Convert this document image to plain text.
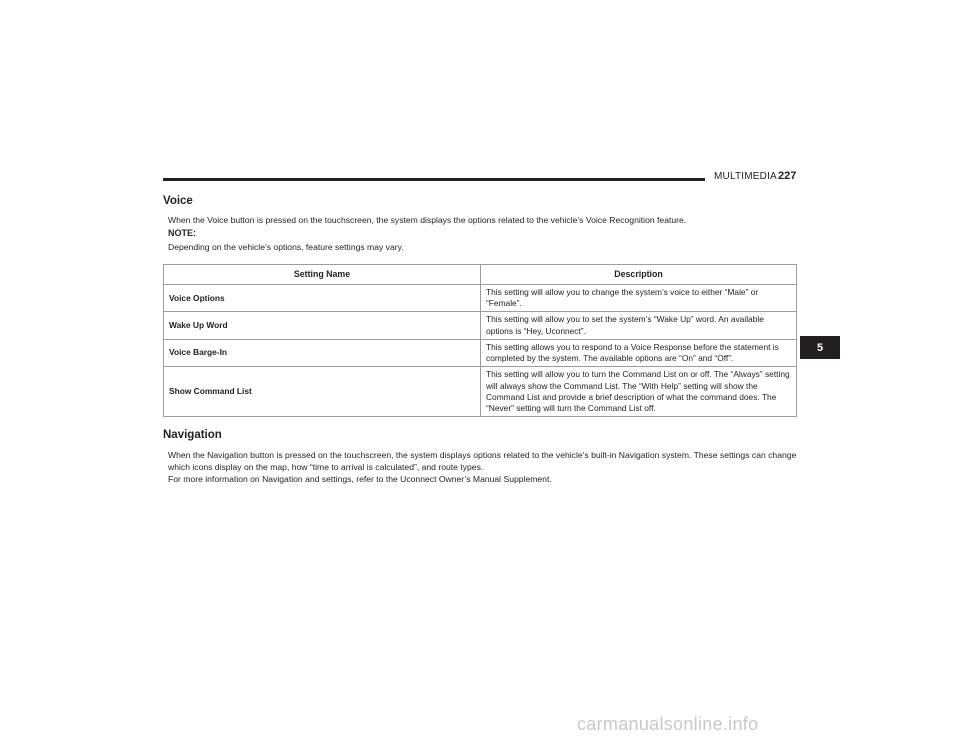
MULTIMEDIA 227
Voice
When the Voice button is pressed on the touchscreen, the system displays the options related to the vehicle’s Voice Recognition feature.
NOTE:
Depending on the vehicle’s options, feature settings may vary.
Setting Name	Description
Voice Options	This setting will allow you to change the system’s voice to either “Male” or “Female”.
Wake Up Word	This setting will allow you to set the system’s “Wake Up” word. An available options is “Hey, Uconnect”.
Voice Barge-In	This setting allows you to respond to a Voice Response before the statement is completed by the system. The available options are “On” and “Off”.
Show Command List	This setting will allow you to turn the Command List on or off. The “Always” setting will always show the Command List. The “With Help” setting will show the Command List and provide a brief description of what the command does. The “Never” setting will turn the Command List off.
Navigation
When the Navigation button is pressed on the touchscreen, the system displays options related to the vehicle’s built-in Navigation system. These settings can change which icons display on the map, how “time to arrival is calculated”, and route types.
For more information on Navigation and settings, refer to the Uconnect Owner’s Manual Supplement.
5
carmanualsonline.info
